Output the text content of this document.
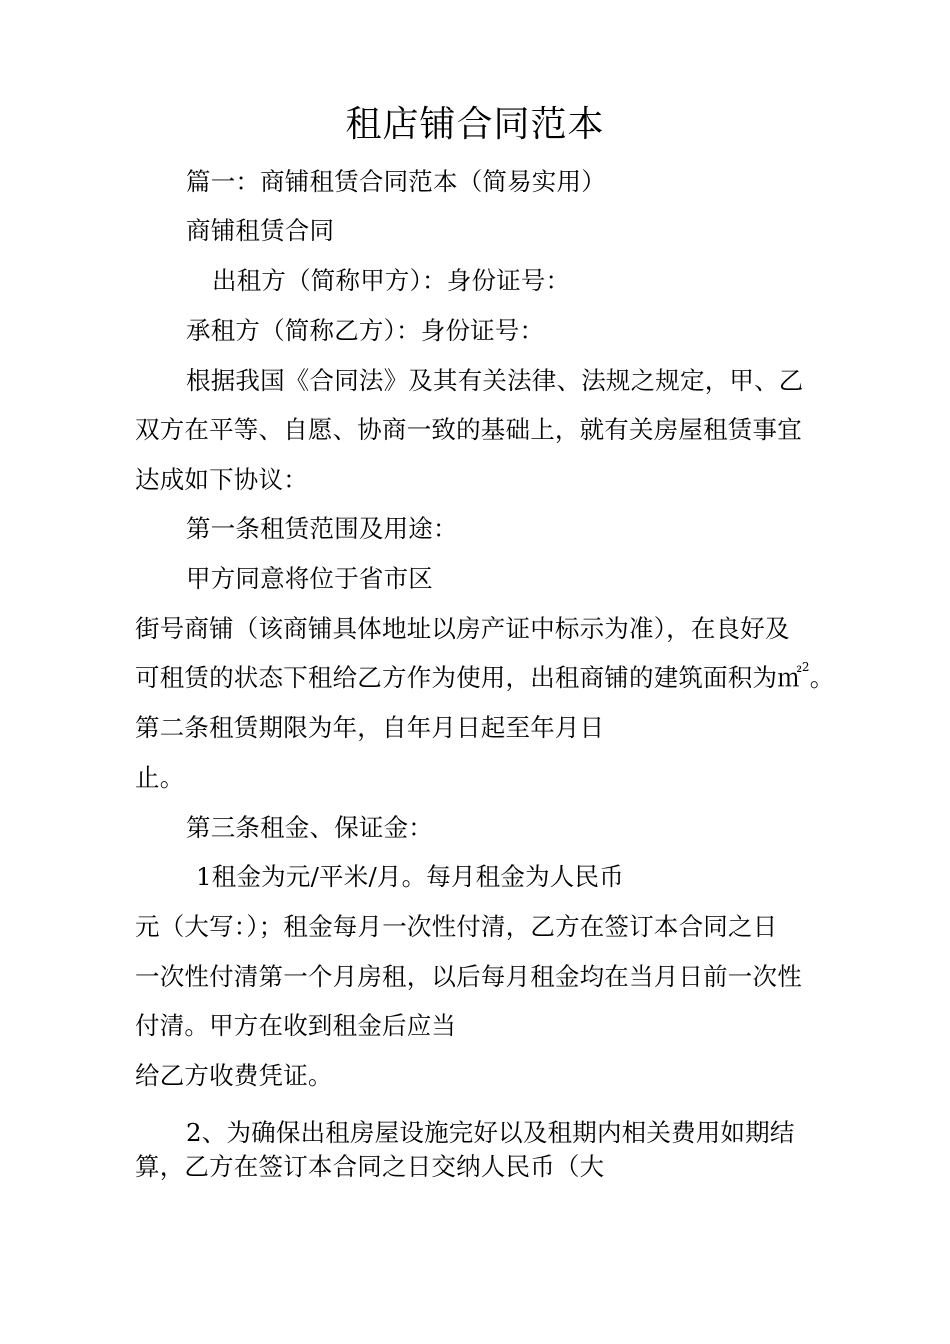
租店铺合同范本
篇一：商铺租赁合同范本（简易实用）
商铺租赁合同
出租方（简称甲方）：身份证号：
承租方（简称乙方）：身份证号：
根据我国《合同法》及其有关法律、法规之规定，甲、乙
双方在平等、自愿、协商一致的基础上，就有关房屋租赁事宜
达成如下协议：
第一条租赁范围及用途：
甲方同意将位于省市区
街号商铺（该商铺具体地址以房产证中标示为准），在良好及
可租赁的状态下租给乙方作为使用，出租商铺的建筑面积为㎡$^2$。
第二条租赁期限为年，自年月日起至年月日
止。
第三条租金、保证金：
1租金为元/平米/月。每月租金为人民币
元（大写：）；租金每月一次性付清，乙方在签订本合同之日
一次性付清第一个月房租，以后每月租金均在当月日前一次性
付清。甲方在收到租金后应当
给乙方收费凭证。
2、为确保出租房屋设施完好以及租期内相关费用如期结
算，乙方在签订本合同之日交纳人民币（大
